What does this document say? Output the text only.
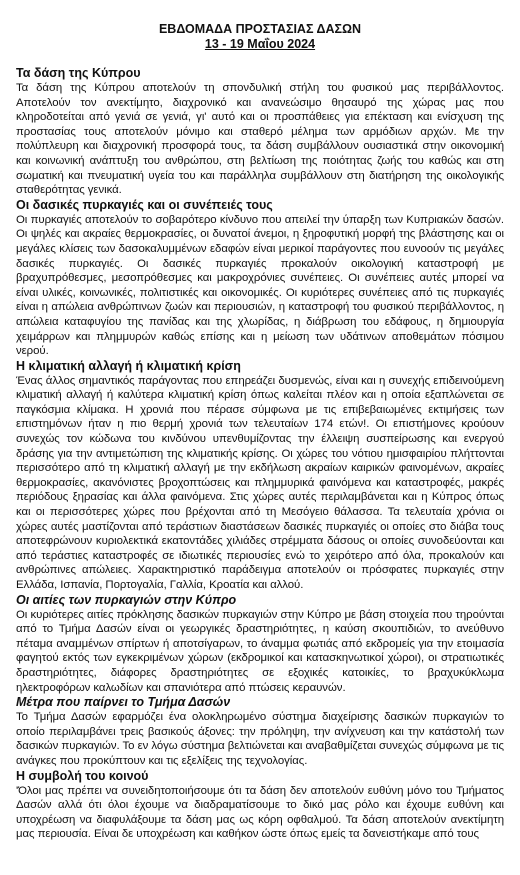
ΕΒΔΟΜΑΔΑ ΠΡΟΣΤΑΣΙΑΣ ΔΑΣΩΝ
13 - 19 Μαΐου 2024

Τα δάση της Κύπρου

Τα δάση της Κύπρου αποτελούν τη σπονδυλική στήλη του φυσικού μας περιβάλλοντος. Αποτελούν τον ανεκτίμητο, διαχρονικό και ανανεώσιμο θησαυρό της χώρας μας που κληροδοτείται από γενιά σε γενιά, γι' αυτό και οι προσπάθειες για επέκταση και ενίσχυση της προστασίας τους αποτελούν μόνιμο και σταθερό μέλημα των αρμόδιων αρχών. Με την πολύπλευρη και διαχρονική προσφορά τους, τα δάση συμβάλλουν ουσιαστικά στην οικονομική και κοινωνική ανάπτυξη του ανθρώπου, στη βελτίωση της ποιότητας ζωής του καθώς και στη σωματική και πνευματική υγεία του και παράλληλα συμβάλλουν στη διατήρηση της οικολογικής σταθερότητας γενικά.

Οι δασικές πυρκαγιές και οι συνέπειές τους

Οι πυρκαγιές αποτελούν το σοβαρότερο κίνδυνο που απειλεί την ύπαρξη των Κυπριακών δασών. Οι ψηλές και ακραίες θερμοκρασίες, οι δυνατοί άνεμοι, η ξηροφυτική μορφή της βλάστησης και οι μεγάλες κλίσεις των δασοκαλυμμένων εδαφών είναι μερικοί παράγοντες που ευνοούν τις μεγάλες δασικές πυρκαγιές. Οι δασικές πυρκαγιές προκαλούν οικολογική καταστροφή με βραχυπρόθεσμες, μεσοπρόθεσμες και μακροχρόνιες συνέπειες. Οι συνέπειες αυτές μπορεί να είναι υλικές, κοινωνικές, πολιτιστικές και οικονομικές. Οι κυριότερες συνέπειες από τις πυρκαγιές είναι η απώλεια ανθρώπινων ζωών και περιουσιών, η καταστροφή του φυσικού περιβάλλοντος, η απώλεια καταφυγίου της πανίδας και της χλωρίδας, η διάβρωση του εδάφους, η δημιουργία χειμάρρων και πλημμυρών καθώς επίσης και η μείωση των υδάτινων αποθεμάτων πόσιμου νερού.

Η κλιματική αλλαγή ή κλιματική κρίση

Ένας άλλος σημαντικός παράγοντας που επηρεάζει δυσμενώς, είναι και η συνεχής επιδεινούμενη κλιματική αλλαγή ή καλύτερα κλιματική κρίση όπως καλείται πλέον και η οποία εξαπλώνεται σε παγκόσμια κλίμακα. Η χρονιά που πέρασε σύμφωνα με τις επιβεβαιωμένες εκτιμήσεις των επιστημόνων ήταν η πιο θερμή χρονιά των τελευταίων 174 ετών!. Οι επιστήμονες κρούουν συνεχώς τον κώδωνα του κινδύνου υπενθυμίζοντας την έλλειψη συσπείρωσης και ενεργού δράσης για την αντιμετώπιση της κλιματικής κρίσης. Οι χώρες του νότιου ημισφαιρίου πλήττονται περισσότερο από τη κλιματική αλλαγή με την εκδήλωση ακραίων καιρικών φαινομένων, ακραίες θερμοκρασίες, ακανόνιστες βροχοπτώσεις και πλημμυρικά φαινόμενα και καταστροφές, μακρές περιόδους ξηρασίας και άλλα φαινόμενα. Στις χώρες αυτές περιλαμβάνεται και η Κύπρος όπως και οι περισσότερες χώρες που βρέχονται από τη Μεσόγειο θάλασσα. Τα τελευταία χρόνια οι χώρες αυτές μαστίζονται από τεράστιων διαστάσεων δασικές πυρκαγιές οι οποίες στο διάβα τους αποτεφρώνουν κυριολεκτικά εκατοντάδες χιλιάδες στρέμματα δάσους οι οποίες συνοδεύονται και από τεράστιες καταστροφές σε ιδιωτικές περιουσίες ενώ το χειρότερο από όλα, προκαλούν και ανθρώπινες απώλειες. Χαρακτηριστικό παράδειγμα αποτελούν οι πρόσφατες πυρκαγιές στην Ελλάδα, Ισπανία, Πορτογαλία, Γαλλία, Κροατία και αλλού.

Οι αιτίες των πυρκαγιών στην Κύπρο

Οι κυριότερες αιτίες πρόκλησης δασικών πυρκαγιών στην Κύπρο με βάση στοιχεία που τηρούνται από το Τμήμα Δασών είναι οι γεωργικές δραστηριότητες, η καύση σκουπιδιών, το ανεύθυνο πέταμα αναμμένων σπίρτων ή αποτσίγαρων, το άναμμα φωτιάς από εκδρομείς για την ετοιμασία φαγητού εκτός των εγκεκριμένων χώρων (εκδρομικοί και κατασκηνωτικοί χώροι), οι στρατιωτικές δραστηριότητες, διάφορες δραστηριότητες σε εξοχικές κατοικίες, το βραχυκύκλωμα ηλεκτροφόρων καλωδίων και σπανιότερα από πτώσεις κεραυνών.

Μέτρα που παίρνει το Τμήμα Δασών

Το Τμήμα Δασών εφαρμόζει ένα ολοκληρωμένο σύστημα διαχείρισης δασικών πυρκαγιών το οποίο περιλαμβάνει τρεις βασικούς άξονες: την πρόληψη, την ανίχνευση και την κατάστολή των δασικών πυρκαγιών. Το εν λόγω σύστημα βελτιώνεται και αναβαθμίζεται συνεχώς σύμφωνα με τις ανάγκες που προκύπτουν και τις εξελίξεις της τεχνολογίας.

Η συμβολή του κοινού

'Όλοι μας πρέπει να συνειδητοποιήσουμε ότι τα δάση δεν αποτελούν ευθύνη μόνο του Τμήματος Δασών αλλά ότι όλοι έχουμε να διαδραματίσουμε το δικό μας ρόλο και έχουμε ευθύνη και υποχρέωση να διαφυλάξουμε τα δάση μας ως κόρη οφθαλμού. Τα δάση αποτελούν ανεκτίμητη μας περιουσία. Είναι δε υποχρέωση και καθήκον ώστε όπως εμείς τα δανειστήκαμε από τους
